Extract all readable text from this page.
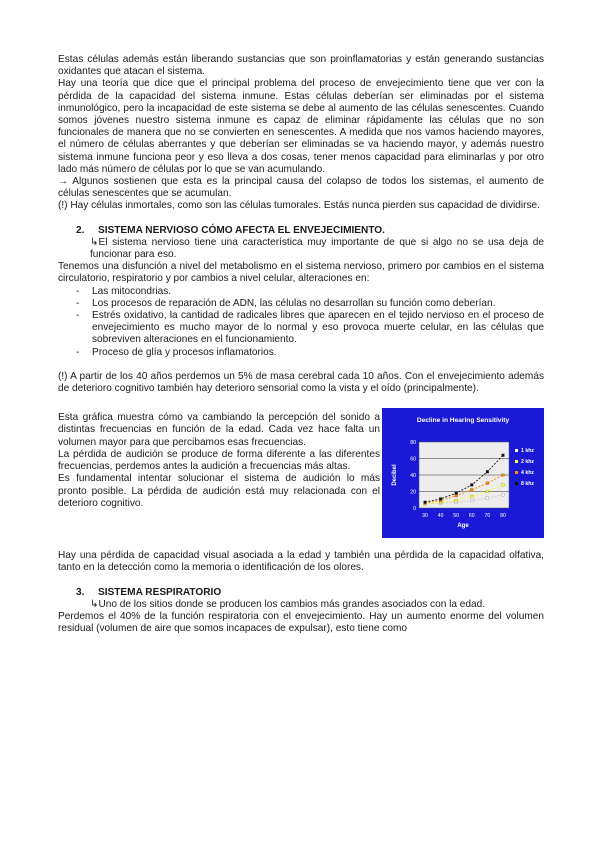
Estas células además están liberando sustancias que son proinflamatorias y están generando sustancias oxidantes que atacan el sistema.

Hay una teoría que dice que el principal problema del proceso de envejecimiento tiene que ver con la pérdida de la capacidad del sistema inmune. Estas células deberían ser eliminadas por el sistema inmunológico, pero la incapacidad de este sistema se debe al aumento de las células senescentes. Cuando somos jóvenes nuestro sistema inmune es capaz de eliminar rápidamente las células que no son funcionales de manera que no se convierten en senescentes. A medida que nos vamos haciendo mayores, el número de células aberrantes y que deberían ser eliminadas se va haciendo mayor, y además nuestro sistema inmune funciona peor y eso lleva a dos cosas, tener menos capacidad para eliminarlas y por otro lado más número de células por lo que se van acumulando.

→ Algunos sostienen que esta es la principal causa del colapso de todos los sistemas, el aumento de células senescentes que se acumulan.

(!) Hay células inmortales, como son las células tumorales. Estás nunca pierden sus capacidad de dividirse.

2.	SISTEMA NERVIOSO CÓMO AFECTA EL ENVEJECIMIENTO.

↳El sistema nervioso tiene una característica muy importante de que si algo no se usa deja de funcionar para eso.

Tenemos una disfunción a nivel del metabolismo en el sistema nervioso, primero por cambios en el sistema circulatorio, respiratorio y por cambios a nivel celular, alteraciones en:

- Las mitocondrias.
- Los procesos de reparación de ADN, las células no desarrollan su función como deberían.
- Estrés oxidativo, la cantidad de radicales libres que aparecen en el tejido nervioso en el proceso de envejecimiento es mucho mayor de lo normal y eso provoca muerte celular, en las células que sobreviven alteraciones en el funcionamiento.
- Proceso de glía y procesos inflamatorios.

(!) A partir de los 40 años perdemos un 5% de masa cerebral cada 10 años. Con el envejecimiento además de deterioro cognitivo también hay deterioro sensorial como la vista y el oído (principalmente).

Esta gráfica muestra cómo va cambiando la percepción del sonido a distintas frecuencias en función de la edad. Cada vez hace falta un volumen mayor para que percibamos esas frecuencias.

La pérdida de audición se produce de forma diferente a las diferentes frecuencias, perdemos antes la audición a frecuencias más altas.

Es fundamental intentar solucionar el sistema de audición lo más pronto posible. La pérdida de audición está muy relacionada con el deterioro cognitivo.

Decline in Hearing Sensitivity
0
20
40
60
80
30 40 50 60 70 80
Age
Decibel
1 khz
2 khz
4 khz
8 khz

Hay una pérdida de capacidad visual asociada a la edad y también una pérdida de la capacidad olfativa, tanto en la detección como la memoria o identificación de los olores.

3.	SISTEMA RESPIRATORIO

↳Uno de los sitios donde se producen los cambios más grandes asociados con la edad.

Perdemos el 40% de la función respiratoria con el envejecimiento. Hay un aumento enorme del volumen residual (volumen de aire que somos incapaces de expulsar), esto tiene como
